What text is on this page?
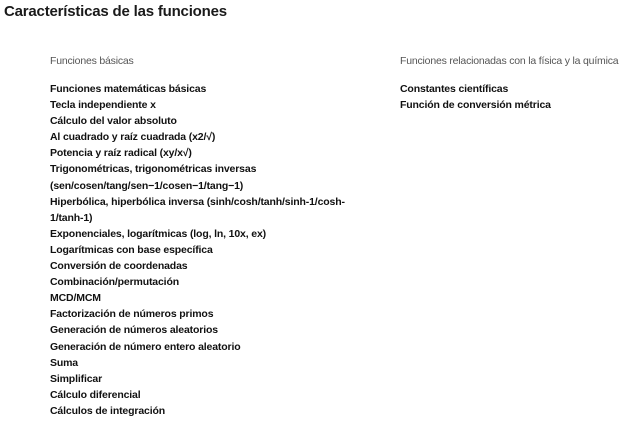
Características de las funciones
Funciones básicas
Funciones matemáticas básicas
Tecla independiente x
Cálculo del valor absoluto
Al cuadrado y raíz cuadrada (x2/√)
Potencia y raíz radical (xy/x√)
Trigonométricas, trigonométricas inversas (sen/cosen/tang/sen−1/cosen−1/tang−1)
Hiperbólica, hiperbólica inversa (sinh/cosh/tanh/sinh-1/cosh-1/tanh-1)
Exponenciales, logarítmicas (log, ln, 10x, ex)
Logarítmicas con base específica
Conversión de coordenadas
Combinación/permutación
MCD/MCM
Factorización de números primos
Generación de números aleatorios
Generación de número entero aleatorio
Suma
Simplificar
Cálculo diferencial
Cálculos de integración
Funciones relacionadas con la física y la química
Constantes científicas
Función de conversión métrica
